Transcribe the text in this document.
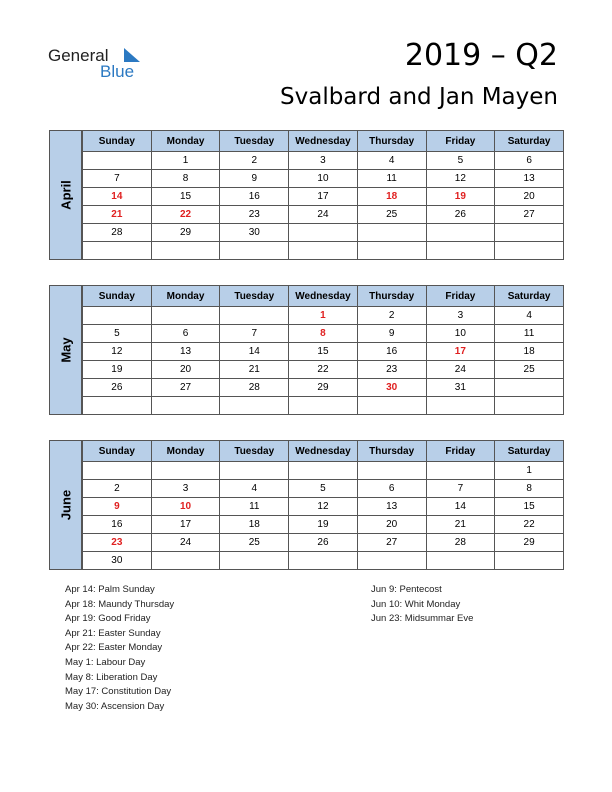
General
Blue	2019 – Q2
Svalbard and Jan Mayen
April
Sunday	Monday	Tuesday	Wednesday	Thursday	Friday	Saturday
	1	2	3	4	5	6
7	8	9	10	11	12	13
14	15	16	17	18	19	20
21	22	23	24	25	26	27
28	29	30				

May
Sunday	Monday	Tuesday	Wednesday	Thursday	Friday	Saturday
			1	2	3	4
5	6	7	8	9	10	11
12	13	14	15	16	17	18
19	20	21	22	23	24	25
26	27	28	29	30	31	

June
Sunday	Monday	Tuesday	Wednesday	Thursday	Friday	Saturday
						1
2	3	4	5	6	7	8
9	10	11	12	13	14	15
16	17	18	19	20	21	22
23	24	25	26	27	28	29
30						
Apr 14: Palm Sunday
Apr 18: Maundy Thursday
Apr 19: Good Friday
Apr 21: Easter Sunday
Apr 22: Easter Monday
May 1: Labour Day
May 8: Liberation Day
May 17: Constitution Day
May 30: Ascension Day
Jun 9: Pentecost
Jun 10: Whit Monday
Jun 23: Midsummar Eve
